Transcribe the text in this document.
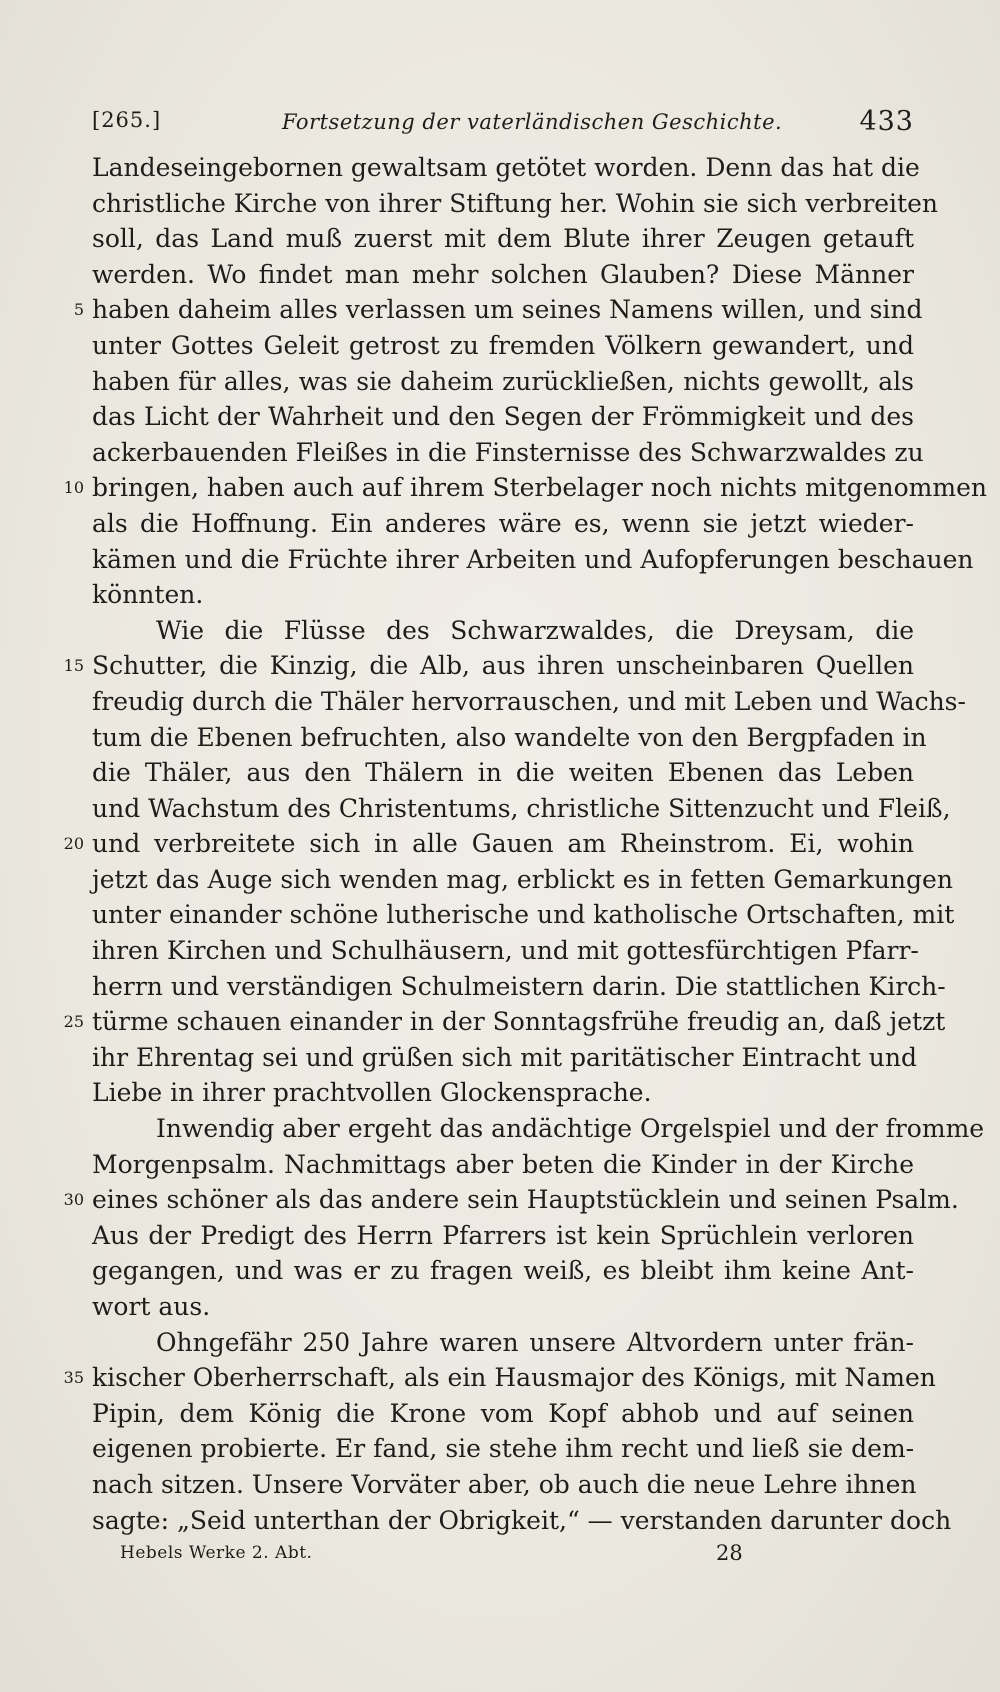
[265.]	Fortsetzung der vaterländischen Geschichte.	433
Landeseingebornen gewaltsam getötet worden. Denn das hat die
christliche Kirche von ihrer Stiftung her. Wohin sie sich verbreiten
soll, das Land muß zuerst mit dem Blute ihrer Zeugen getauft
werden. Wo findet man mehr solchen Glauben? Diese Männer
5 haben daheim alles verlassen um seines Namens willen, und sind
unter Gottes Geleit getrost zu fremden Völkern gewandert, und
haben für alles, was sie daheim zurückließen, nichts gewollt, als
das Licht der Wahrheit und den Segen der Frömmigkeit und des
ackerbauenden Fleißes in die Finsternisse des Schwarzwaldes zu
10 bringen, haben auch auf ihrem Sterbelager noch nichts mitgenommen
als die Hoffnung. Ein anderes wäre es, wenn sie jetzt wieder-
kämen und die Früchte ihrer Arbeiten und Aufopferungen beschauen
könnten.
Wie die Flüsse des Schwarzwaldes, die Dreysam, die
15 Schutter, die Kinzig, die Alb, aus ihren unscheinbaren Quellen
freudig durch die Thäler hervorrauschen, und mit Leben und Wachs-
tum die Ebenen befruchten, also wandelte von den Bergpfaden in
die Thäler, aus den Thälern in die weiten Ebenen das Leben
und Wachstum des Christentums, christliche Sittenzucht und Fleiß,
20 und verbreitete sich in alle Gauen am Rheinstrom. Ei, wohin
jetzt das Auge sich wenden mag, erblickt es in fetten Gemarkungen
unter einander schöne lutherische und katholische Ortschaften, mit
ihren Kirchen und Schulhäusern, und mit gottesfürchtigen Pfarr-
herrn und verständigen Schulmeistern darin. Die stattlichen Kirch-
25 türme schauen einander in der Sonntagsfrühe freudig an, daß jetzt
ihr Ehrentag sei und grüßen sich mit paritätischer Eintracht und
Liebe in ihrer prachtvollen Glockensprache.
Inwendig aber ergeht das andächtige Orgelspiel und der fromme
Morgenpsalm. Nachmittags aber beten die Kinder in der Kirche
30 eines schöner als das andere sein Hauptstücklein und seinen Psalm.
Aus der Predigt des Herrn Pfarrers ist kein Sprüchlein verloren
gegangen, und was er zu fragen weiß, es bleibt ihm keine Ant-
wort aus.
Ohngefähr 250 Jahre waren unsere Altvordern unter frän-
35 kischer Oberherrschaft, als ein Hausmajor des Königs, mit Namen
Pipin, dem König die Krone vom Kopf abhob und auf seinen
eigenen probierte. Er fand, sie stehe ihm recht und ließ sie dem-
nach sitzen. Unsere Vorväter aber, ob auch die neue Lehre ihnen
sagte: „Seid unterthan der Obrigkeit,“ — verstanden darunter doch
Hebels Werke 2. Abt.	28
